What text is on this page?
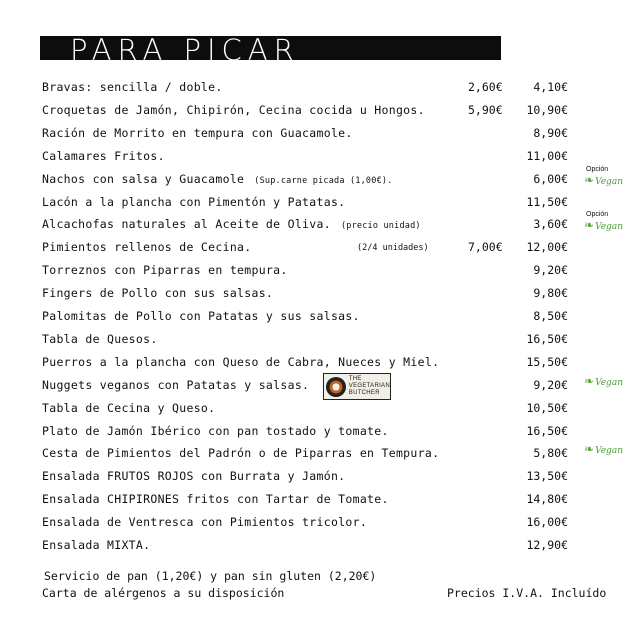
PARA PICAR
Bravas: sencilla / doble.	2,60€	4,10€
Croquetas de Jamón, Chipirón, Cecina cocida u Hongos.	5,90€ 10,90€
Ración de Morrito en tempura con Guacamole.	8,90€
Calamares Fritos.	11,00€
Nachos con salsa y Guacamole (Sup.carne picada (1,00€).	6,00€
Opción
❧Vegan
Lacón a la plancha con Pimentón y Patatas.	11,50€
Alcachofas naturales al Aceite de Oliva. (precio unidad)	3,60€
Opción
❧Vegan
Pimientos rellenos de Cecina.	(2/4 unidades)	7,00€ 12,00€
Torreznos con Piparras en tempura.	9,20€
Fingers de Pollo con sus salsas.	9,80€
Palomitas de Pollo con Patatas y sus salsas.	8,50€
Tabla de Quesos.	16,50€
Puerros a la plancha con Queso de Cabra, Nueces y Miel.	15,50€
Nuggets veganos con Patatas y salsas.	9,20€ ❧Vegan
Tabla de Cecina y Queso.	10,50€
Plato de Jamón Ibérico con pan tostado y tomate.	16,50€
Cesta de Pimientos del Padrón o de Piparras en Tempura.	5,80€ ❧Vegan
Ensalada FRUTOS ROJOS con Burrata y Jamón.	13,50€
Ensalada CHIPIRONES fritos con Tartar de Tomate.	14,80€
Ensalada de Ventresca con Pimientos tricolor.	16,00€
Ensalada MIXTA.	12,90€
THE
VEGETARIAN
BUTCHER
Servicio de pan (1,20€) y pan sin gluten (2,20€)
Carta de alérgenos a su disposición	Precios I.V.A. Incluído
